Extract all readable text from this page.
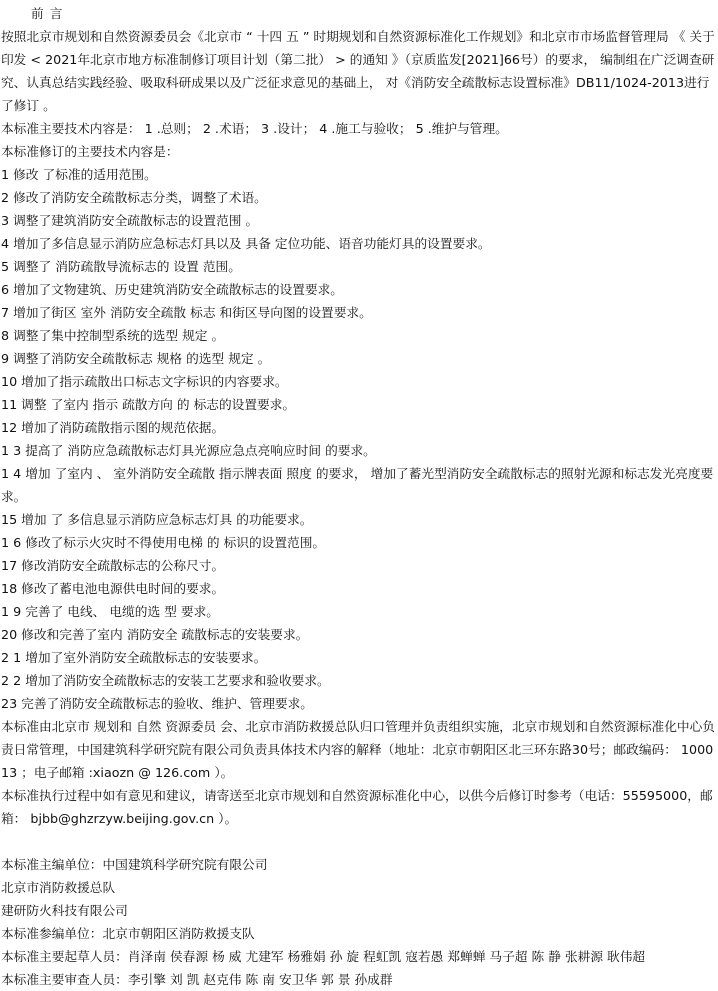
前 言
按照北京市规划和自然资源委员会《北京市 “ 十四 五 ” 时期规划和自然资源标准化工作规划》和北京市市场监督管理局 《 关于印发 < 2021年北京市地方标准制修订项目计划（第二批） > 的通知 》（京质监发[2021]66号）的要求， 编制组在广泛调查研究、认真总结实践经验、吸取科研成果以及广泛征求意见的基础上， 对《消防安全疏散标志设置标准》DB11/1024-2013进行了修订 。
本标准主要技术内容是： 1 .总则； 2 .术语； 3 .设计； 4 .施工与验收； 5 .维护与管理。
本标准修订的主要技术内容是：
1 修改 了标准的适用范围。
2 修改了消防安全疏散标志分类，调整了术语。
3 调整了建筑消防安全疏散标志的设置范围 。
4 增加了多信息显示消防应急标志灯具以及 具备 定位功能、语音功能灯具的设置要求。
5 调整了 消防疏散导流标志的 设置 范围。
6 增加了文物建筑、历史建筑消防安全疏散标志的设置要求。
7 增加了街区 室外 消防安全疏散 标志 和街区导向图的设置要求。
8 调整了集中控制型系统的选型 规定 。
9 调整了消防安全疏散标志 规格 的选型 规定 。
10 增加了指示疏散出口标志文字标识的内容要求。
11 调整 了室内 指示 疏散方向 的 标志的设置要求。
12 增加了消防疏散指示图的规范依据。
1 3 提高了 消防应急疏散标志灯具光源应急点亮响应时间 的要求。
1 4 增加 了室内 、 室外消防安全疏散 指示牌表面 照度 的要求， 增加了蓄光型消防安全疏散标志的照射光源和标志发光亮度要求。
15 增加 了 多信息显示消防应急标志灯具 的功能要求。
1 6 修改了标示火灾时不得使用电梯 的 标识的设置范围。
17 修改消防安全疏散标志的公称尺寸。
18 修改了蓄电池电源供电时间的要求。
1 9 完善了 电线、 电缆的选 型 要求。
20 修改和完善了室内 消防安全 疏散标志的安装要求。
2 1 增加了室外消防安全疏散标志的安装要求。
2 2 增加了消防安全疏散标志的安装工艺要求和验收要求。
23 完善了消防安全疏散标志的验收、维护、管理要求。
本标准由北京市 规划和 自然 资源委员 会、北京市消防救援总队归口管理并负责组织实施，北京市规划和自然资源标准化中心负责日常管理，中国建筑科学研究院有限公司负责具体技术内容的解释（地址：北京市朝阳区北三环东路30号；邮政编码： 100013 ；电子邮箱 :xiaozn @ 126.com ）。
本标准执行过程中如有意见和建议，请寄送至北京市规划和自然资源标准化中心，以供今后修订时参考（电话：55595000，邮箱： bjbb@ghzrzyw.beijing.gov.cn ）。
本标准主编单位：中国建筑科学研究院有限公司
北京市消防救援总队
建研防火科技有限公司
本标准参编单位：北京市朝阳区消防救援支队
本标准主要起草人员：肖泽南 侯春源 杨 威 尤建军 杨雅娟 孙 旋 程虹凯 寇若愚 郑蝉蝉 马子超 陈 静 张耕源 耿伟超
本标准主要审查人员：李引擎 刘 凯 赵克伟 陈 南 安卫华 郭 景 孙成群
